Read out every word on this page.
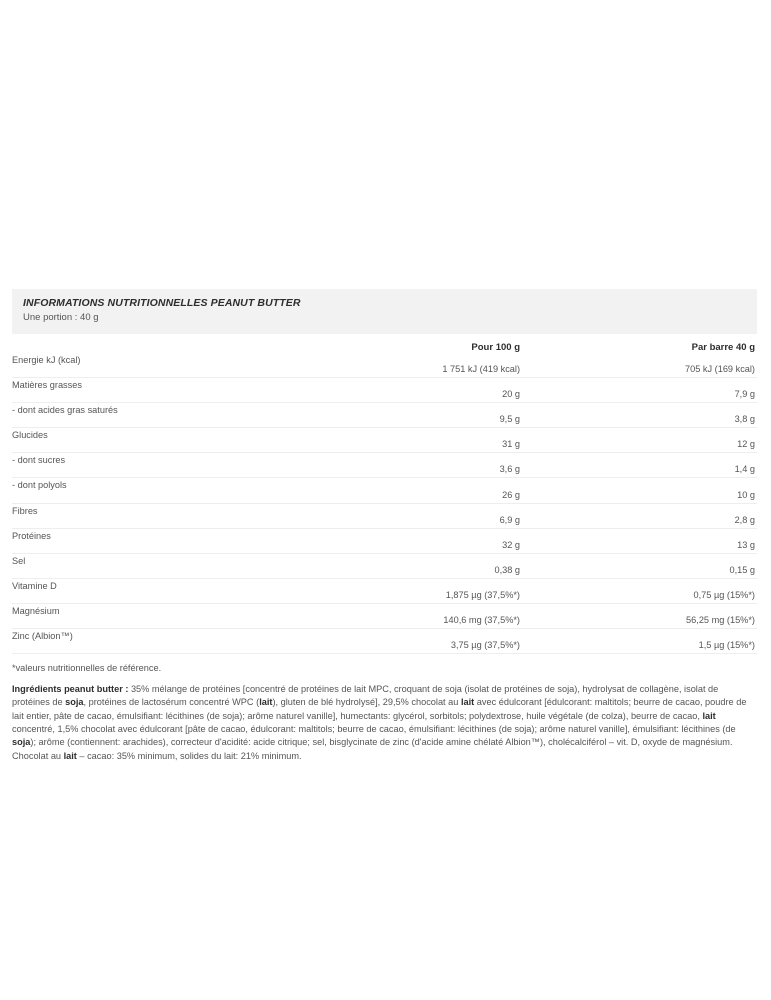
INFORMATIONS NUTRITIONNELLES PEANUT BUTTER
Une portion : 40 g
	Pour 100 g	Par barre 40 g
Energie kJ (kcal)	1 751 kJ (419 kcal)	705 kJ (169 kcal)
Matières grasses	20 g	7,9 g
- dont acides gras saturés	9,5 g	3,8 g
Glucides	31 g	12 g
- dont sucres	3,6 g	1,4 g
- dont polyols	26 g	10 g
Fibres	6,9 g	2,8 g
Protéines	32 g	13 g
Sel	0,38 g	0,15 g
Vitamine D	1,875 µg (37,5%*)	0,75 µg (15%*)
Magnésium	140,6 mg (37,5%*)	56,25 mg (15%*)
Zinc (Albion™)	3,75 µg (37,5%*)	1,5 µg (15%*)
*valeurs nutritionnelles de référence.
Ingrédients peanut butter : 35% mélange de protéines [concentré de protéines de lait MPC, croquant de soja (isolat de protéines de soja), hydrolysat de collagène, isolat de protéines de soja, protéines de lactosérum concentré WPC (lait), gluten de blé hydrolysé], 29,5% chocolat au lait avec édulcorant [édulcorant: maltitols; beurre de cacao, poudre de lait entier, pâte de cacao, émulsifiant: lécithines (de soja); arôme naturel vanille], humectants: glycérol, sorbitols; polydextrose, huile végétale (de colza), beurre de cacao, lait concentré, 1,5% chocolat avec édulcorant [pâte de cacao, édulcorant: maltitols; beurre de cacao, émulsifiant: lécithines (de soja); arôme naturel vanille], émulsifiant: lécithines (de soja); arôme (contiennent: arachides), correcteur d'acidité: acide citrique; sel, bisglycinate de zinc (d'acide amine chélaté Albion™), cholécalciférol – vit. D, oxyde de magnésium. Chocolat au lait – cacao: 35% minimum, solides du lait: 21% minimum.
